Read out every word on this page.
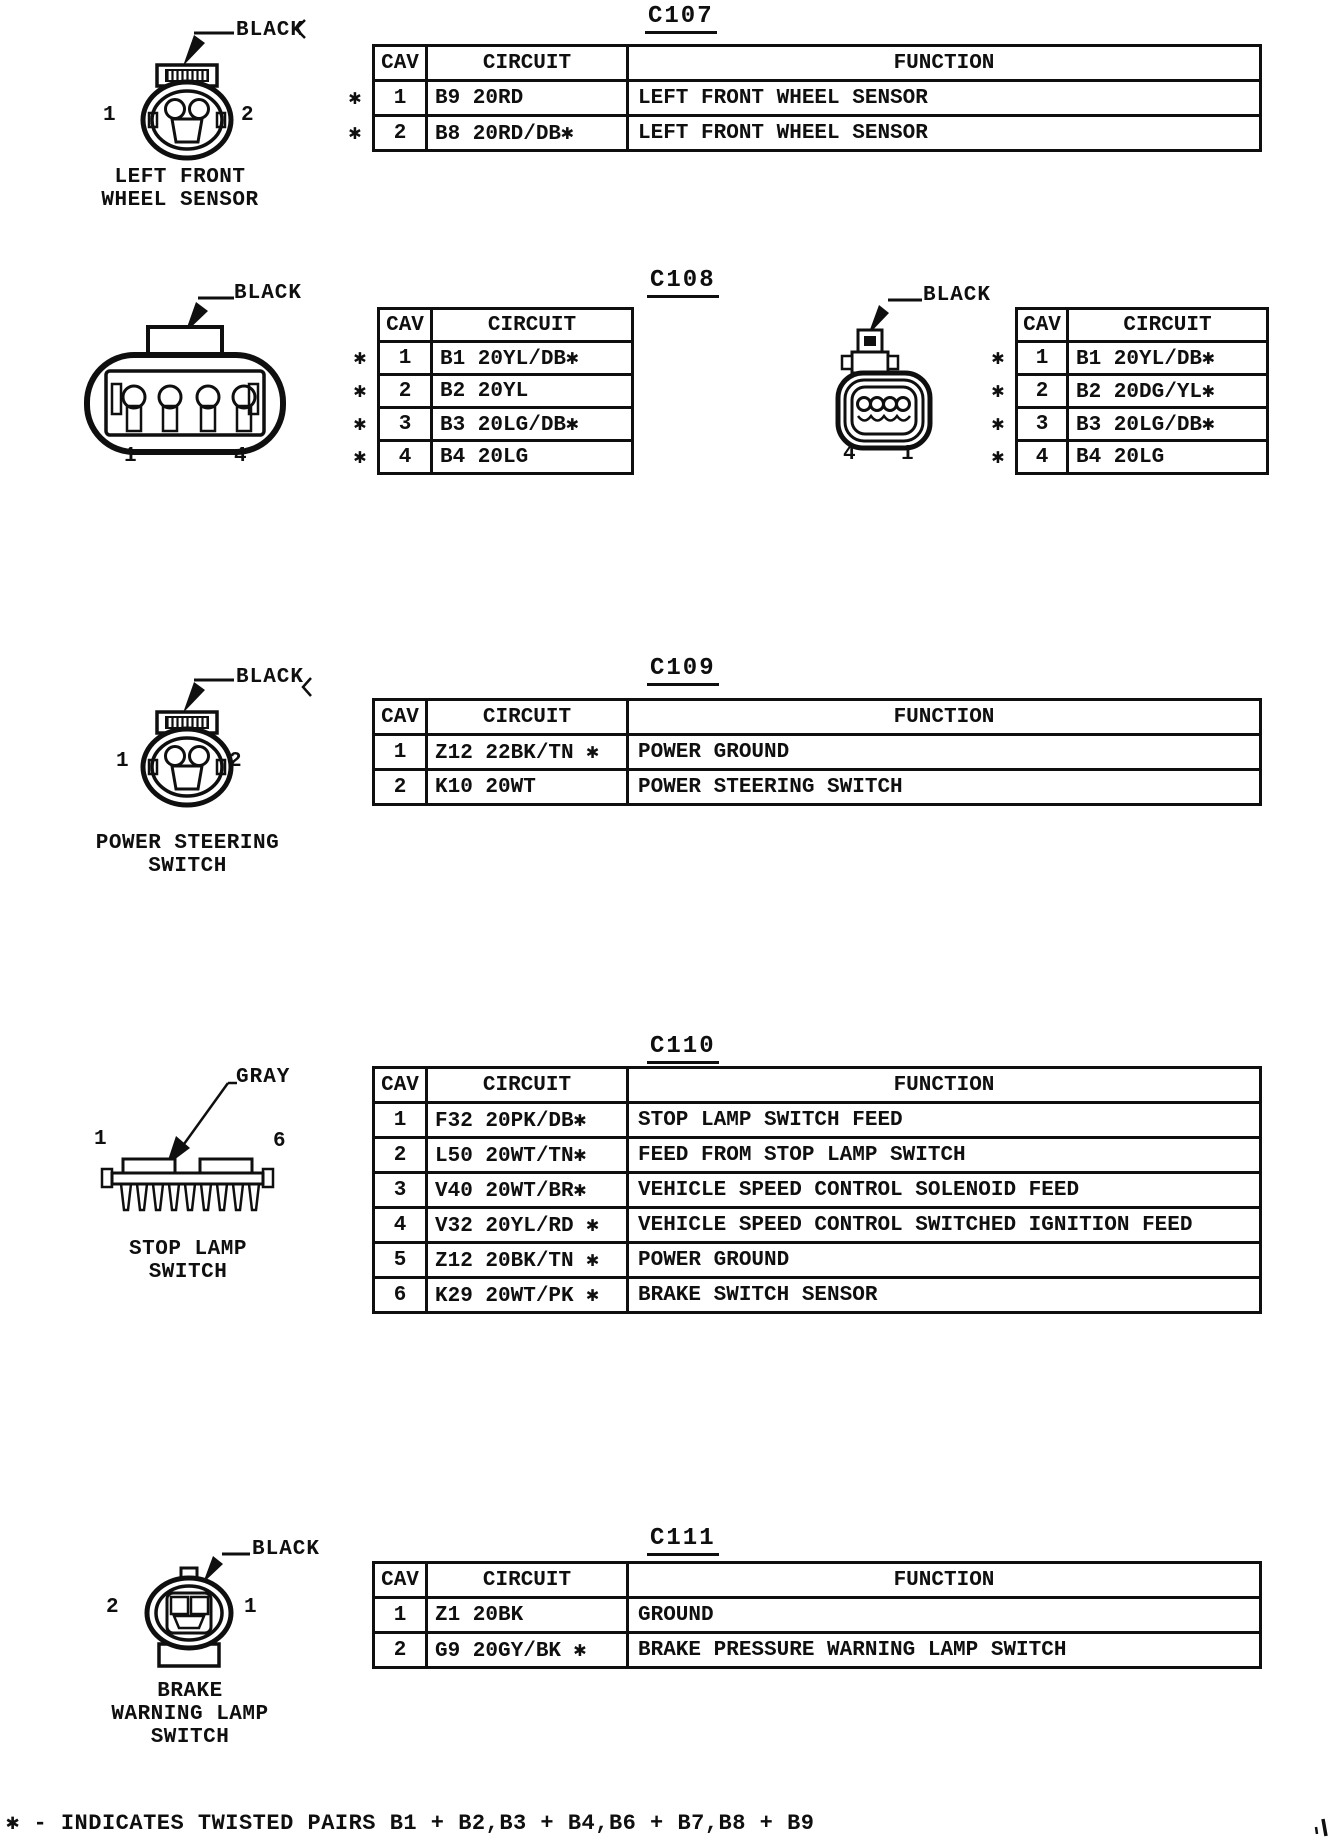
C107
BLACK
1	2
LEFT FRONT
WHEEL SENSOR
CAV	CIRCUIT	FUNCTION
✱	1	B9 20RD	LEFT FRONT WHEEL SENSOR
✱	2	B8 20RD/DB✱	LEFT FRONT WHEEL SENSOR
C108
BLACK
1	4
CAV	CIRCUIT
✱	1	B1 20YL/DB✱
✱	2	B2 20YL
✱	3	B3 20LG/DB✱
✱	4	B4 20LG
BLACK
4 1
CAV	CIRCUIT
✱	1	B1 20YL/DB✱
✱	2	B2 20DG/YL✱
✱	3	B3 20LG/DB✱
✱	4	B4 20LG
C109
BLACK
1	2
POWER STEERING
SWITCH
CAV	CIRCUIT	FUNCTION
1	Z12 22BK/TN ✱	POWER GROUND
2	K10 20WT	POWER STEERING SWITCH
C110
GRAY
1	6
STOP LAMP
SWITCH
CAV	CIRCUIT	FUNCTION
1	F32 20PK/DB✱	STOP LAMP SWITCH FEED
2	L50 20WT/TN✱	FEED FROM STOP LAMP SWITCH
3	V40 20WT/BR✱	VEHICLE SPEED CONTROL SOLENOID FEED
4	V32 20YL/RD ✱	VEHICLE SPEED CONTROL SWITCHED IGNITION FEED
5	Z12 20BK/TN ✱	POWER GROUND
6	K29 20WT/PK ✱	BRAKE SWITCH SENSOR
C111
BLACK
2	1
BRAKE
WARNING LAMP
SWITCH
CAV	CIRCUIT	FUNCTION
1	Z1 20BK	GROUND
2	G9 20GY/BK ✱	BRAKE PRESSURE WARNING LAMP SWITCH
✱ - INDICATES TWISTED PAIRS B1 + B2,B3 + B4,B6 + B7,B8 + B9
